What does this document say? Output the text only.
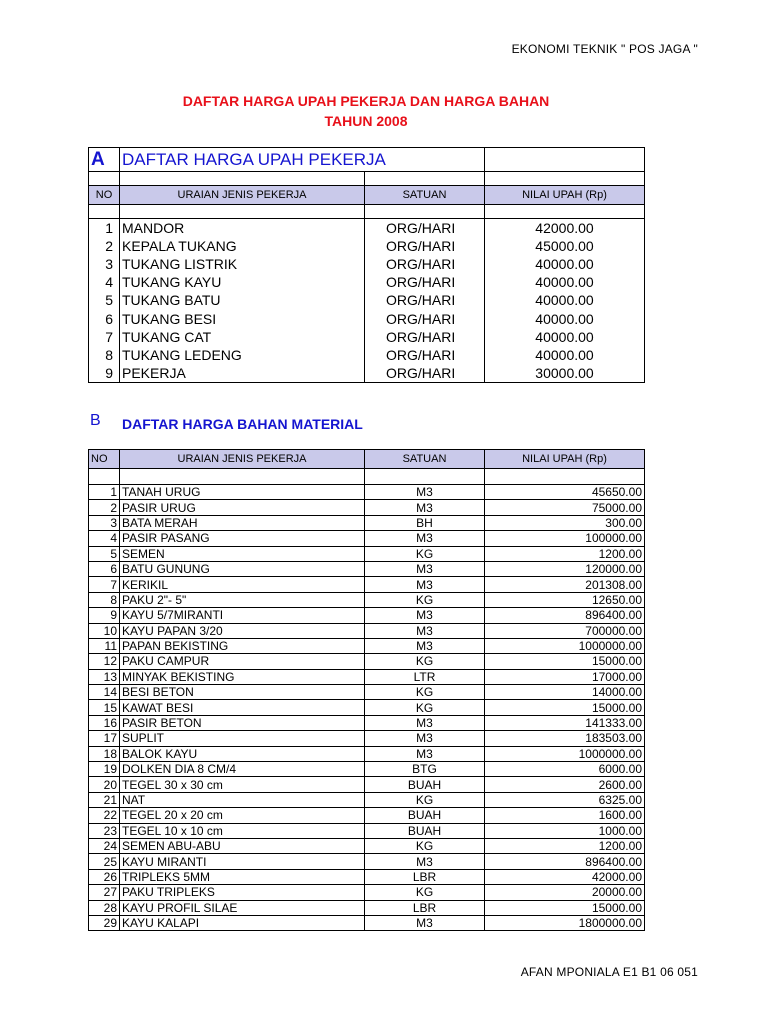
EKONOMI TEKNIK " POS JAGA "
DAFTAR HARGA UPAH PEKERJA DAN HARGA BAHAN
TAHUN 2008
A	DAFTAR HARGA UPAH PEKERJA		

NO	URAIAN JENIS PEKERJA	SATUAN	NILAI UPAH (Rp)

1	MANDOR	ORG/HARI	42000.00
2	KEPALA TUKANG	ORG/HARI	45000.00
3	TUKANG LISTRIK	ORG/HARI	40000.00
4	TUKANG KAYU	ORG/HARI	40000.00
5	TUKANG BATU	ORG/HARI	40000.00
6	TUKANG BESI	ORG/HARI	40000.00
7	TUKANG CAT	ORG/HARI	40000.00
8	TUKANG LEDENG	ORG/HARI	40000.00
9	PEKERJA	ORG/HARI	30000.00
B DAFTAR HARGA BAHAN MATERIAL
NO	URAIAN JENIS PEKERJA	SATUAN	NILAI UPAH (Rp)

1	TANAH URUG	M3	45650.00
2	PASIR URUG	M3	75000.00
3	BATA MERAH	BH	300.00
4	PASIR PASANG	M3	100000.00
5	SEMEN	KG	1200.00
6	BATU GUNUNG	M3	120000.00
7	KERIKIL	M3	201308.00
8	PAKU 2"- 5"	KG	12650.00
9	KAYU 5/7MIRANTI	M3	896400.00
10	KAYU PAPAN 3/20	M3	700000.00
11	PAPAN BEKISTING	M3	1000000.00
12	PAKU CAMPUR	KG	15000.00
13	MINYAK BEKISTING	LTR	17000.00
14	BESI BETON	KG	14000.00
15	KAWAT BESI	KG	15000.00
16	PASIR BETON	M3	141333.00
17	SUPLIT	M3	183503.00
18	BALOK KAYU	M3	1000000.00
19	DOLKEN DIA 8 CM/4	BTG	6000.00
20	TEGEL 30 x 30 cm	BUAH	2600.00
21	NAT	KG	6325.00
22	TEGEL 20 x 20 cm	BUAH	1600.00
23	TEGEL 10 x 10 cm	BUAH	1000.00
24	SEMEN ABU-ABU	KG	1200.00
25	KAYU MIRANTI	M3	896400.00
26	TRIPLEKS 5MM	LBR	42000.00
27	PAKU TRIPLEKS	KG	20000.00
28	KAYU PROFIL SILAE	LBR	15000.00
29	KAYU KALAPI	M3	1800000.00
AFAN MPONIALA E1 B1 06 051
